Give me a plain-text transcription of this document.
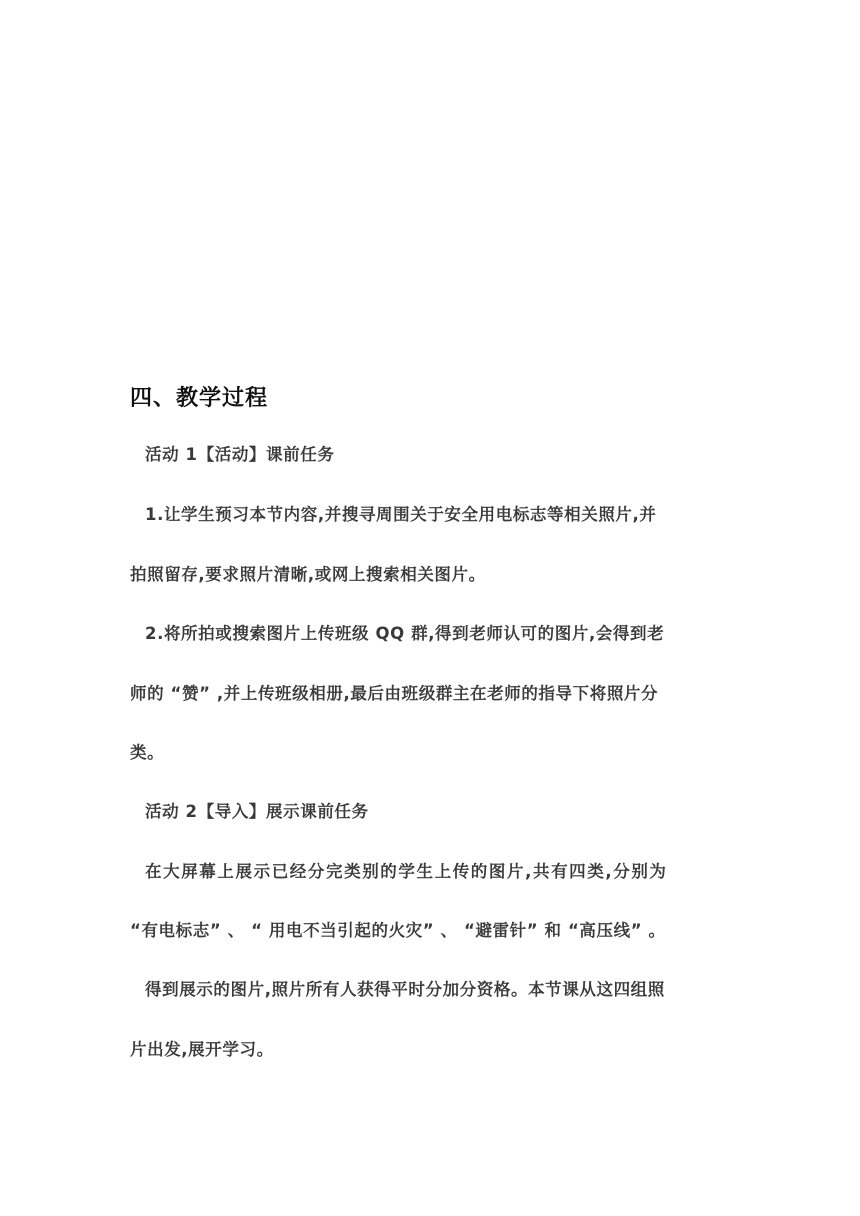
四、教学过程
活动 1【活动】课前任务
1.让学生预习本节内容,并搜寻周围关于安全用电标志等相关照片,并
拍照留存,要求照片清晰,或网上搜索相关图片。
2.将所拍或搜索图片上传班级 QQ 群,得到老师认可的图片,会得到老
师的 “赞” ,并上传班级相册,最后由班级群主在老师的指导下将照片分
类。
活动 2【导入】展示课前任务
在大屏幕上展示已经分完类别的学生上传的图片,共有四类,分别为
“有电标志” 、 “ 用电不当引起的火灾” 、 “避雷针” 和 “高压线” 。
得到展示的图片,照片所有人获得平时分加分资格。本节课从这四组照
片出发,展开学习。
